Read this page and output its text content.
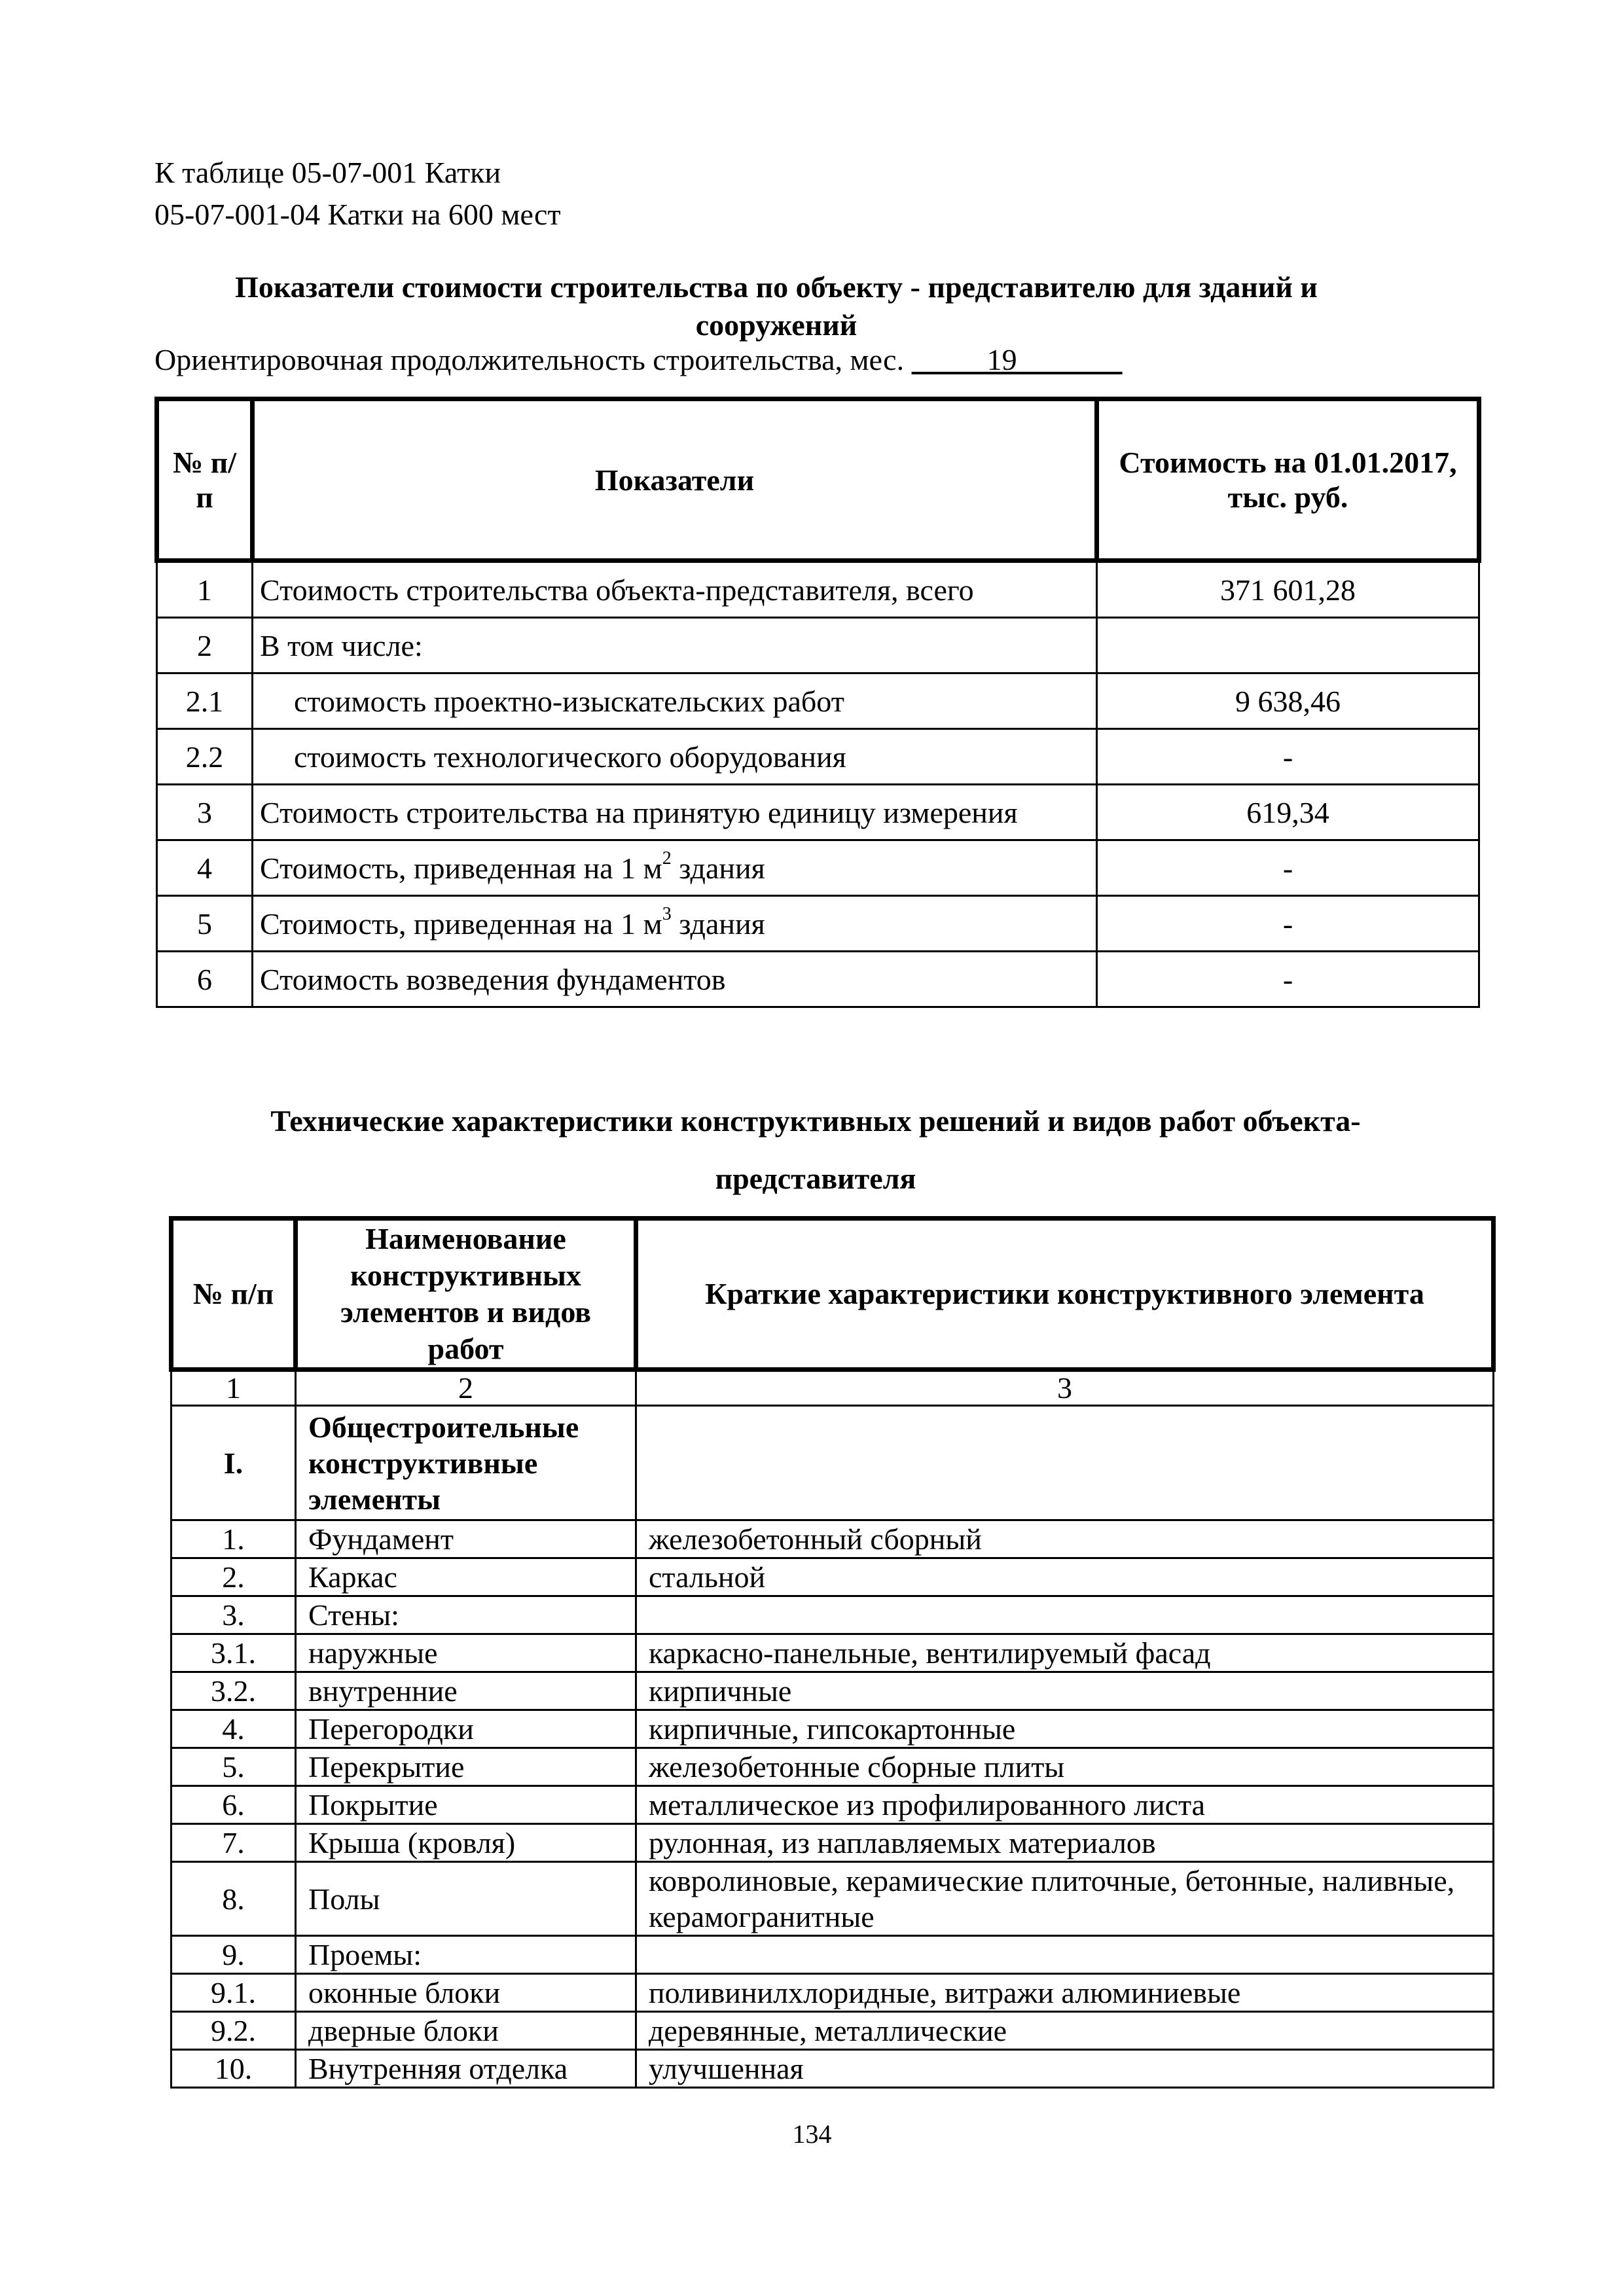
К таблице 05-07-001 Катки
05-07-001-04 Катки на 600 мест
Показатели стоимости строительства по объекту - представителю для зданий и
сооружений
Ориентировочная продолжительность строительства, мес.	19
№ п/п	Показатели	Стоимость на 01.01.2017, тыс. руб.
1	Стоимость строительства объекта-представителя, всего	371 601,28
2	В том числе:	
2.1	стоимость проектно-изыскательских работ	9 638,46
2.2	стоимость технологического оборудования	-
3	Стоимость строительства на принятую единицу измерения	619,34
4	Стоимость, приведенная на 1 $м^2$ здания	-
5	Стоимость, приведенная на 1 $м^3$ здания	-
6	Стоимость возведения фундаментов	-
Технические характеристики конструктивных решений и видов работ объекта-
представителя
№ п/п	Наименование конструктивных элементов и видов работ	Краткие характеристики конструктивного элемента
1	2	3
I.	Общестроительные конструктивные элементы	
1.	Фундамент	железобетонный сборный
2.	Каркас	стальной
3.	Стены:	
3.1.	наружные	каркасно-панельные, вентилируемый фасад
3.2.	внутренние	кирпичные
4.	Перегородки	кирпичные, гипсокартонные
5.	Перекрытие	железобетонные сборные плиты
6.	Покрытие	металлическое из профилированного листа
7.	Крыша (кровля)	рулонная, из наплавляемых материалов
8.	Полы	ковролиновые, керамические плиточные, бетонные, наливные, керамогранитные
9.	Проемы:	
9.1.	оконные блоки	поливинилхлоридные, витражи алюминиевые
9.2.	дверные блоки	деревянные, металлические
10.	Внутренняя отделка	улучшенная
134
